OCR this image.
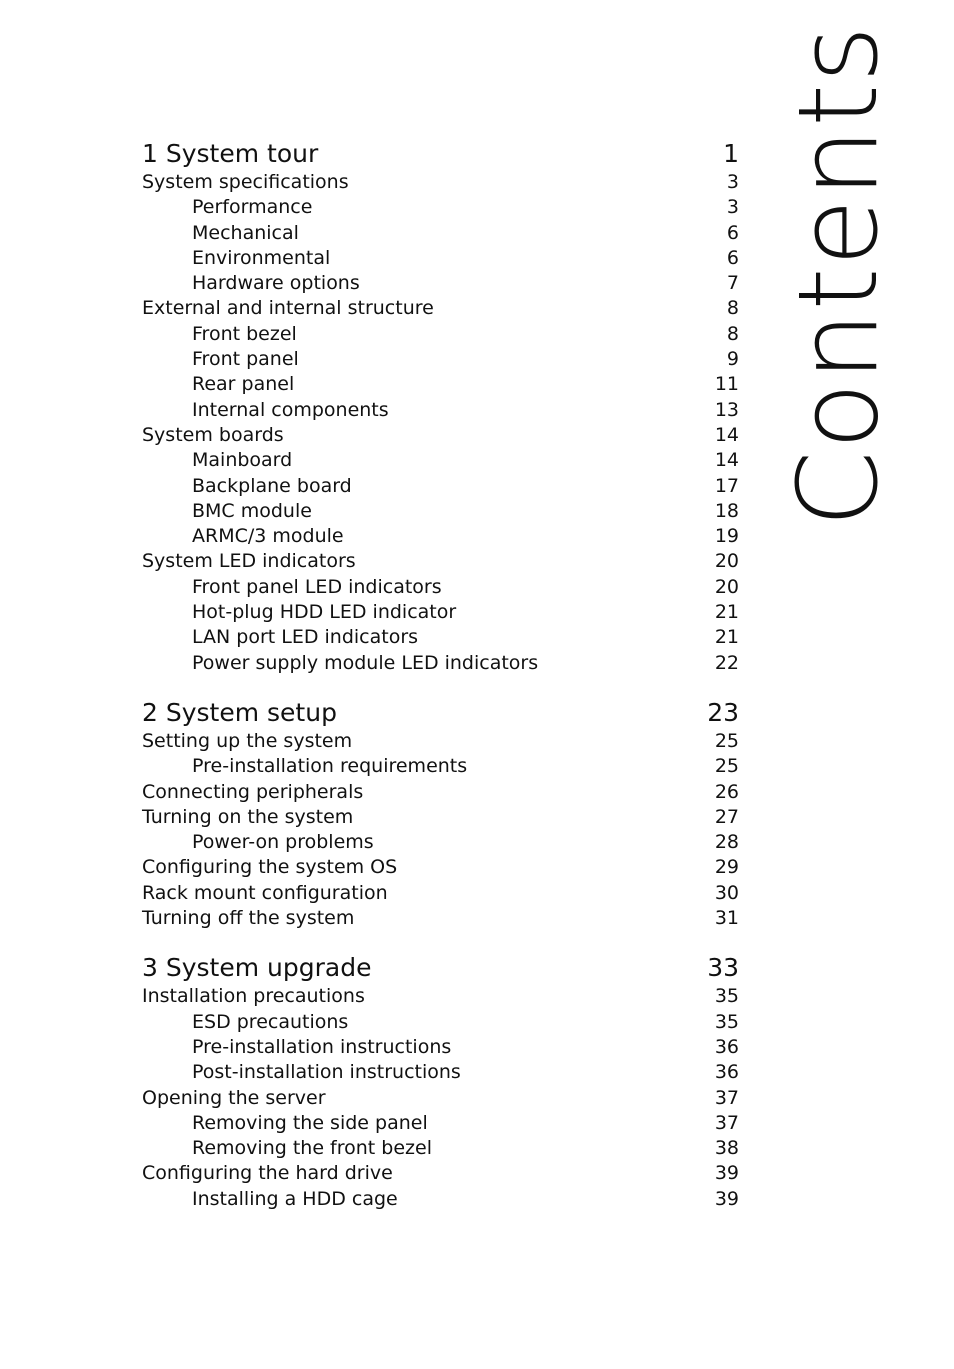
Contents
1 System tour	1
System specifications	3
Performance	3
Mechanical	6
Environmental	6
Hardware options	7
External and internal structure	8
Front bezel	8
Front panel	9
Rear panel	11
Internal components	13
System boards	14
Mainboard	14
Backplane board	17
BMC module	18
ARMC/3 module	19
System LED indicators	20
Front panel LED indicators	20
Hot-plug HDD LED indicator	21
LAN port LED indicators	21
Power supply module LED indicators	22
2 System setup	23
Setting up the system	25
Pre-installation requirements	25
Connecting peripherals	26
Turning on the system	27
Power-on problems	28
Configuring the system OS	29
Rack mount configuration	30
Turning off the system	31
3 System upgrade	33
Installation precautions	35
ESD precautions	35
Pre-installation instructions	36
Post-installation instructions	36
Opening the server	37
Removing the side panel	37
Removing the front bezel	38
Configuring the hard drive	39
Installing a HDD cage	39
